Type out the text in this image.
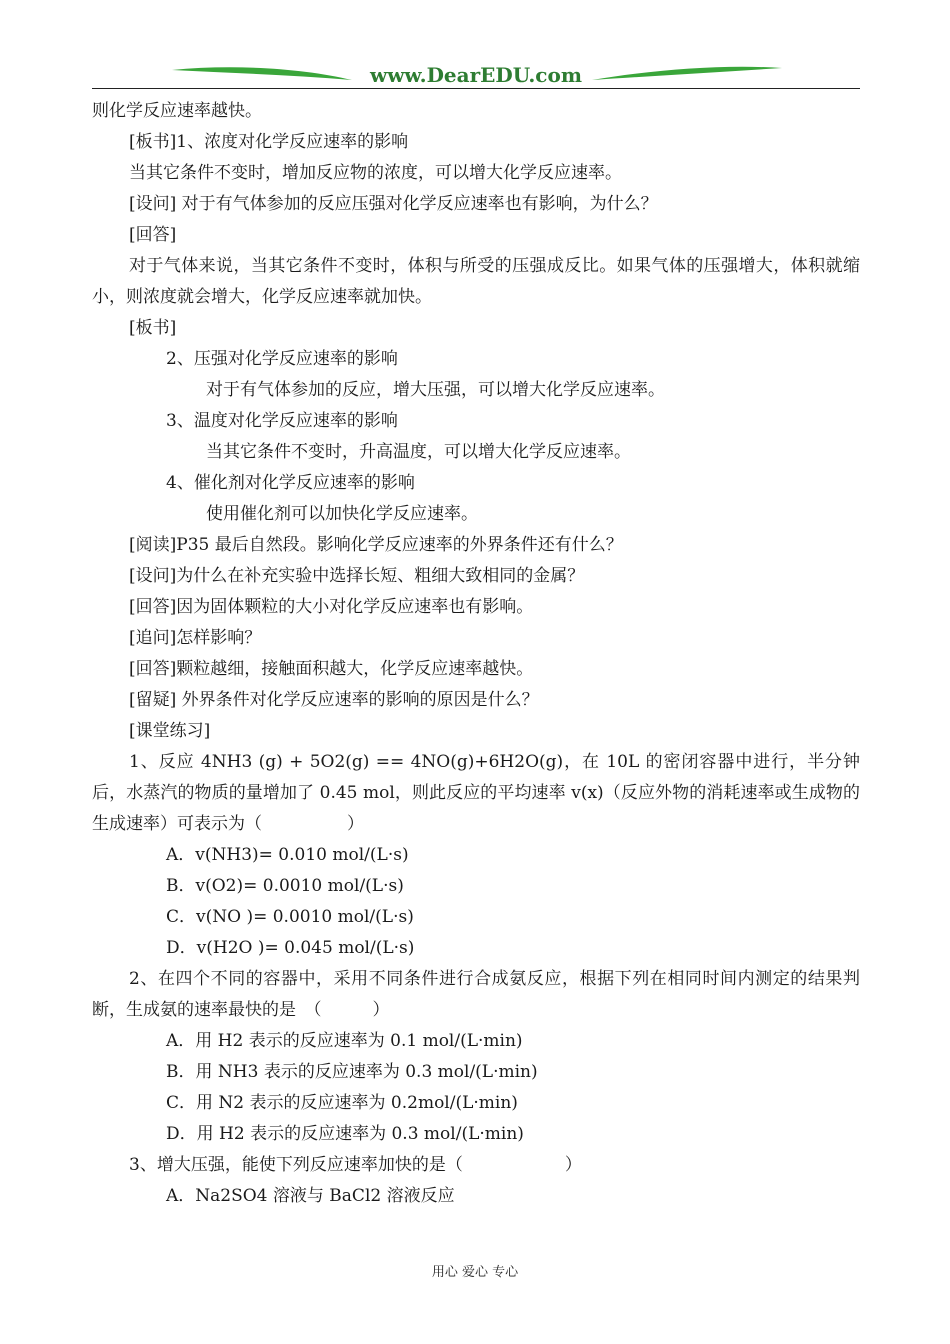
www.DearEDU.com
则化学反应速率越快。
[板书]1、浓度对化学反应速率的影响
当其它条件不变时，增加反应物的浓度，可以增大化学反应速率。
[设问] 对于有气体参加的反应压强对化学反应速率也有影响，为什么？
[回答]
对于气体来说，当其它条件不变时，体积与所受的压强成反比。如果气体的压强增大，体积就缩小，则浓度就会增大，化学反应速率就加快。
[板书]
2、压强对化学反应速率的影响
对于有气体参加的反应，增大压强，可以增大化学反应速率。
3、温度对化学反应速率的影响
当其它条件不变时，升高温度，可以增大化学反应速率。
4、催化剂对化学反应速率的影响
使用催化剂可以加快化学反应速率。
[阅读]P35 最后自然段。影响化学反应速率的外界条件还有什么？
[设问]为什么在补充实验中选择长短、粗细大致相同的金属？
[回答]因为固体颗粒的大小对化学反应速率也有影响。
[追问]怎样影响？
[回答]颗粒越细，接触面积越大，化学反应速率越快。
[留疑] 外界条件对化学反应速率的影响的原因是什么？
[课堂练习]
1、反应 4NH3 (g) + 5O2(g) == 4NO(g)+6H2O(g)，在 10L 的密闭容器中进行，半分钟后，水蒸汽的物质的量增加了 0.45 mol，则此反应的平均速率 v(x)（反应外物的消耗速率或生成物的生成速率）可表示为（　　　　　）
A．v(NH3)= 0.010 mol/(L·s)
B．v(O2)= 0.0010 mol/(L·s)
C．v(NO )= 0.0010 mol/(L·s)
D．v(H2O )= 0.045 mol/(L·s)
2、在四个不同的容器中，采用不同条件进行合成氨反应，根据下列在相同时间内测定的结果判断，生成氨的速率最快的是　（　　　）
A．用 H2 表示的反应速率为 0.1 mol/(L·min)
B．用 NH3 表示的反应速率为 0.3 mol/(L·min)
C．用 N2 表示的反应速率为 0.2mol/(L·min)
D．用 H2 表示的反应速率为 0.3 mol/(L·min)
3、增大压强，能使下列反应速率加快的是（　　　　　　）
A．Na2SO4 溶液与 BaCl2 溶液反应
用心 爱心 专心
